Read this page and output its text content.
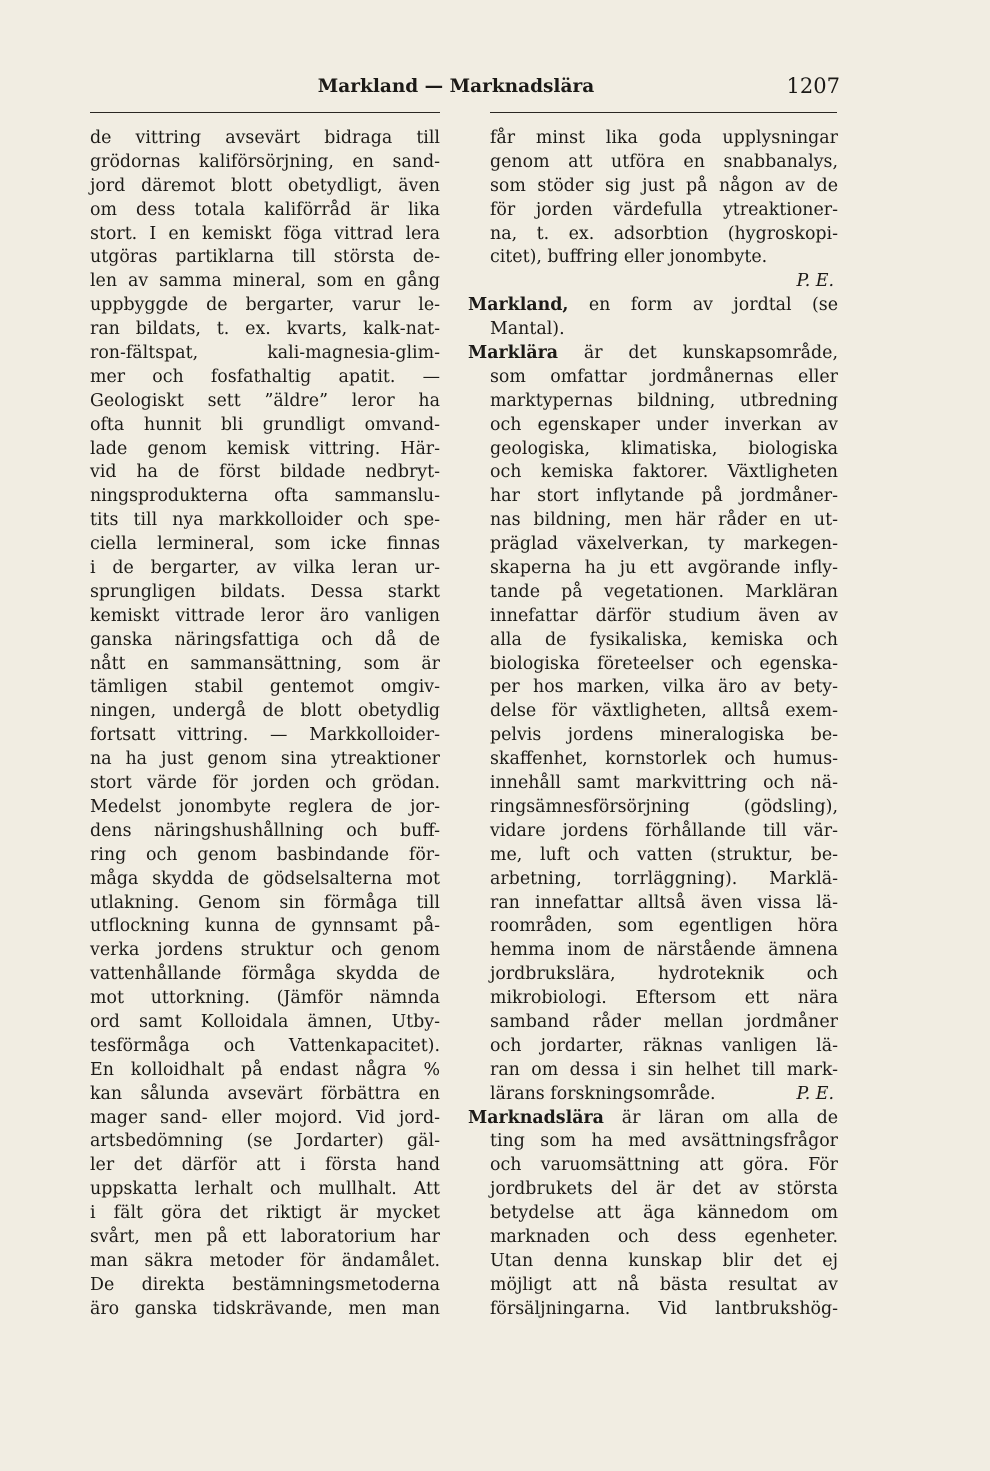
Markland — Marknadslära	1207
de vittring avsevärt bidraga till
grödornas kaliförsörjning, en sand-
jord däremot blott obetydligt, även
om dess totala kaliförråd är lika
stort. I en kemiskt föga vittrad lera
utgöras partiklarna till största de-
len av samma mineral, som en gång
uppbyggde de bergarter, varur le-
ran bildats, t. ex. kvarts, kalk-nat-
ron-fältspat, kali-magnesia-glim-
mer och fosfathaltig apatit. —
Geologiskt sett ”äldre” leror ha
ofta hunnit bli grundligt omvand-
lade genom kemisk vittring. Här-
vid ha de först bildade nedbryt-
ningsprodukterna ofta sammanslu-
tits till nya markkolloider och spe-
ciella lermineral, som icke finnas
i de bergarter, av vilka leran ur-
sprungligen bildats. Dessa starkt
kemiskt vittrade leror äro vanligen
ganska näringsfattiga och då de
nått en sammansättning, som är
tämligen stabil gentemot omgiv-
ningen, undergå de blott obetydlig
fortsatt vittring. — Markkolloider-
na ha just genom sina ytreaktioner
stort värde för jorden och grödan.
Medelst jonombyte reglera de jor-
dens näringshushållning och buff-
ring och genom basbindande för-
måga skydda de gödselsalterna mot
utlakning. Genom sin förmåga till
utflockning kunna de gynnsamt på-
verka jordens struktur och genom
vattenhållande förmåga skydda de
mot uttorkning. (Jämför nämnda
ord samt Kolloidala ämnen, Utby-
tesförmåga och Vattenkapacitet).
En kolloidhalt på endast några %
kan sålunda avsevärt förbättra en
mager sand- eller mojord. Vid jord-
artsbedömning (se Jordarter) gäl-
ler det därför att i första hand
uppskatta lerhalt och mullhalt. Att
i fält göra det riktigt är mycket
svårt, men på ett laboratorium har
man säkra metoder för ändamålet.
De direkta bestämningsmetoderna
äro ganska tidskrävande, men man
får minst lika goda upplysningar
genom att utföra en snabbanalys,
som stöder sig just på någon av de
för jorden värdefulla ytreaktioner-
na, t. ex. adsorbtion (hygroskopi-
citet), buffring eller jonombyte.
P. E.
Markland, en form av jordtal (se
Mantal).
Marklära är det kunskapsområde,
som omfattar jordmånernas eller
marktypernas bildning, utbredning
och egenskaper under inverkan av
geologiska, klimatiska, biologiska
och kemiska faktorer. Växtligheten
har stort inflytande på jordmåner-
nas bildning, men här råder en ut-
präglad växelverkan, ty markegen-
skaperna ha ju ett avgörande infly-
tande på vegetationen. Markläran
innefattar därför studium även av
alla de fysikaliska, kemiska och
biologiska företeelser och egenska-
per hos marken, vilka äro av bety-
delse för växtligheten, alltså exem-
pelvis jordens mineralogiska be-
skaffenhet, kornstorlek och humus-
innehåll samt markvittring och nä-
ringsämnesförsörjning (gödsling),
vidare jordens förhållande till vär-
me, luft och vatten (struktur, be-
arbetning, torrläggning). Marklä-
ran innefattar alltså även vissa lä-
roområden, som egentligen höra
hemma inom de närstående ämnena
jordbrukslära, hydroteknik och
mikrobiologi. Eftersom ett nära
samband råder mellan jordmåner
och jordarter, räknas vanligen lä-
ran om dessa i sin helhet till mark-
lärans forskningsområde.	P. E.
Marknadslära är läran om alla de
ting som ha med avsättningsfrågor
och varuomsättning att göra. För
jordbrukets del är det av största
betydelse att äga kännedom om
marknaden och dess egenheter.
Utan denna kunskap blir det ej
möjligt att nå bästa resultat av
försäljningarna. Vid lantbrukshög-
